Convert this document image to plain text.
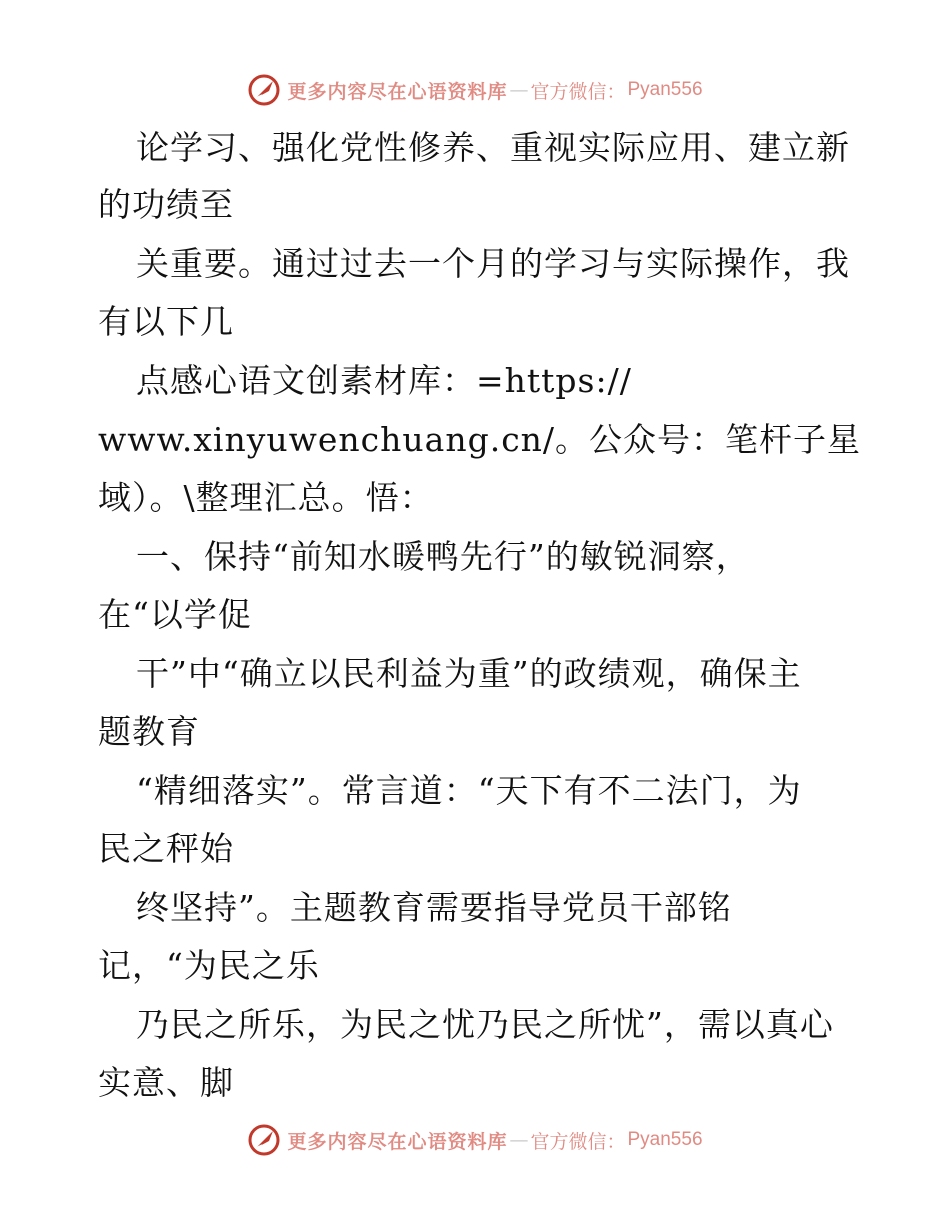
更多内容尽在心语资料库 — 官方微信： Pyan556
论学习、强化党性修养、重视实际应用、建立新
的功绩至
关重要。通过过去一个月的学习与实际操作，我
有以下几
点感心语文创素材库：=https://
www.xinyuwenchuang.cn/。公众号：笔杆子星
域）。\整理汇总。悟：
一、保持“前知水暖鸭先行”的敏锐洞察，
在“以学促
干”中“确立以民利益为重”的政绩观，确保主
题教育
“精细落实”。常言道：“天下有不二法门，为
民之秤始
终坚持”。主题教育需要指导党员干部铭
记，“为民之乐
乃民之所乐，为民之忧乃民之所忧”，需以真心
实意、脚
更多内容尽在心语资料库 — 官方微信： Pyan556
